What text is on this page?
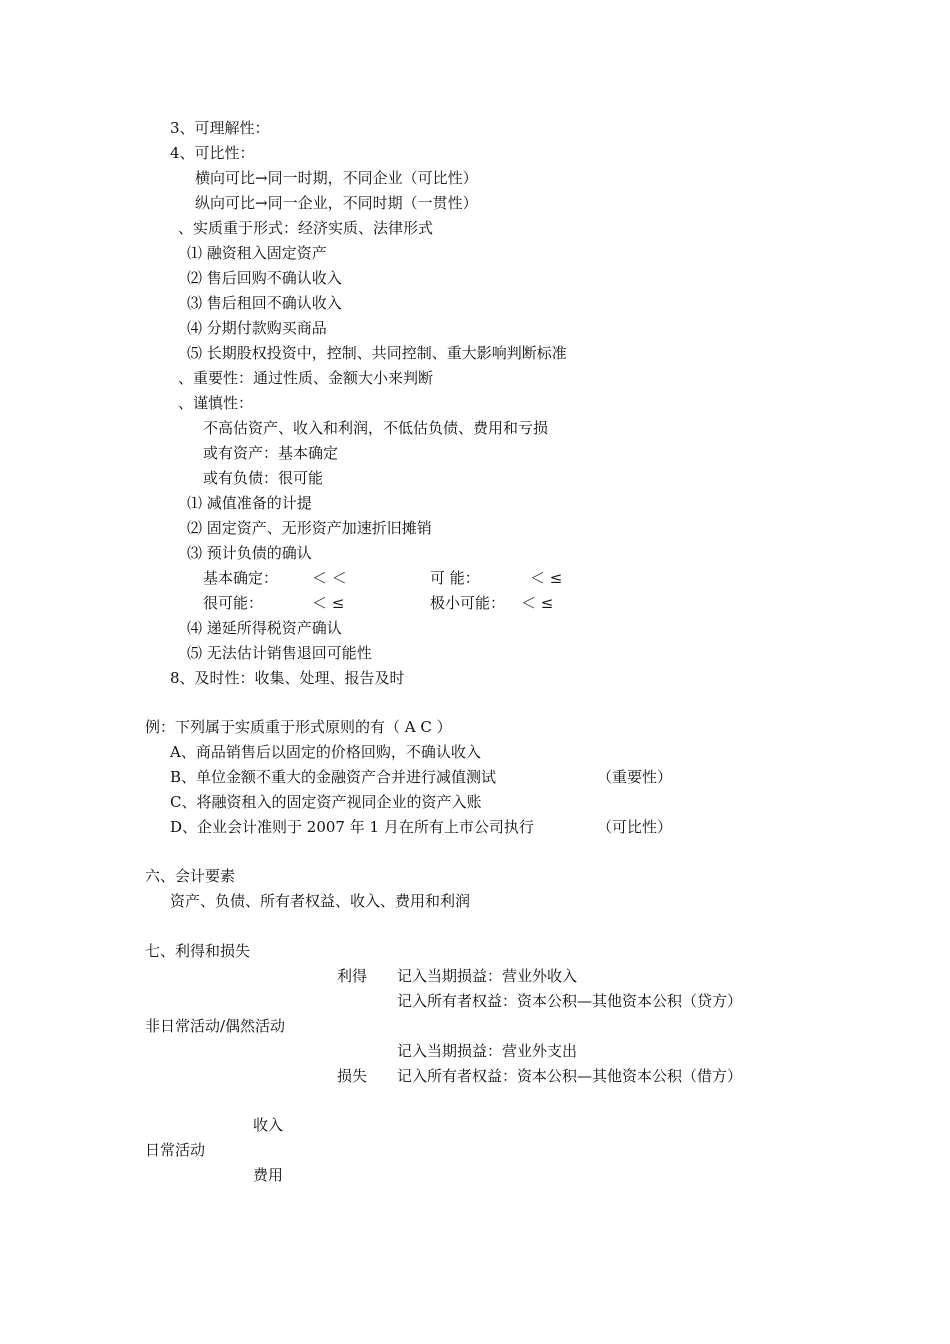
3、可理解性：
4、可比性：
横向可比→同一时期，不同企业（可比性）
纵向可比→同一企业，不同时期（一贯性）
、实质重于形式：经济实质、法律形式
⑴ 融资租入固定资产
⑵ 售后回购不确认收入
⑶ 售后租回不确认收入
⑷ 分期付款购买商品
⑸ 长期股权投资中，控制、共同控制、重大影响判断标准
、重要性：通过性质、金额大小来判断
、谨慎性：
不高估资产、收入和利润，不低估负债、费用和亏损
或有资产：基本确定
或有负债：很可能
⑴ 减值准备的计提
⑵ 固定资产、无形资产加速折旧摊销
⑶ 预计负债的确认
基本确定： ＜ ＜	可 能：	＜ ≤
很可能：	＜ ≤	极小可能： ＜ ≤
⑷ 递延所得税资产确认
⑸ 无法估计销售退回可能性
8、及时性：收集、处理、报告及时
例：下列属于实质重于形式原则的有（ A C ）
A、商品销售后以固定的价格回购，不确认收入
B、单位金额不重大的金融资产合并进行减值测试	（重要性）
C、将融资租入的固定资产视同企业的资产入账
D、企业会计准则于 2007 年 1 月在所有上市公司执行	（可比性）
六、会计要素
资产、负债、所有者权益、收入、费用和利润
七、利得和损失
利得 记入当期损益：营业外收入
记入所有者权益：资本公积—其他资本公积（贷方）
非日常活动/偶然活动
记入当期损益：营业外支出
损失 记入所有者权益：资本公积—其他资本公积（借方）
收入
日常活动
费用
